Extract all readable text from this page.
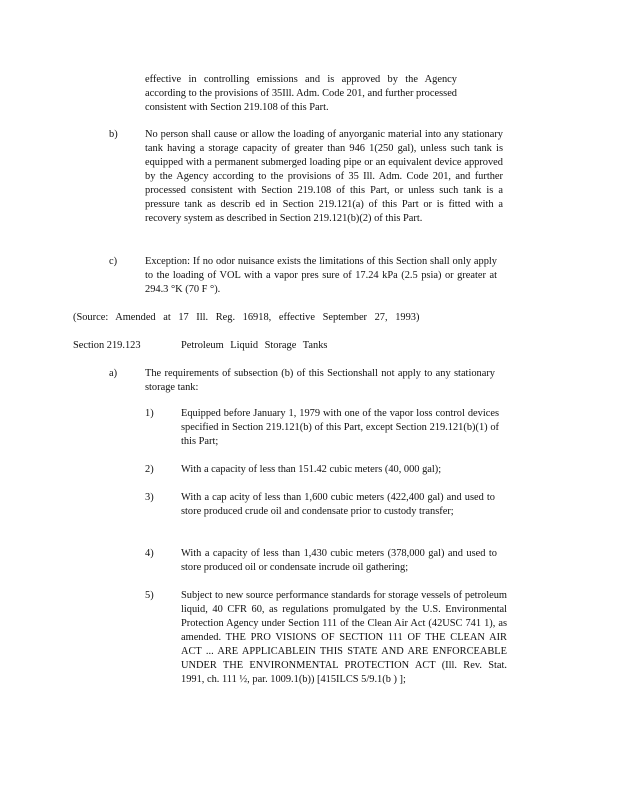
effective in controlling emissions and is approved by the Agency according to the provisions of 35Ill. Adm. Code 201, and further processed consistent with Section 219.108 of this Part.

b)	No person shall cause or allow the loading of anyorganic material into any stationary tank having a storage capacity of greater than 946 1(250 gal), unless such tank is equipped with a permanent submerged loading pipe or an equivalent device approved by the Agency according to the provisions of 35 Ill. Adm. Code 201, and further processed consistent with Section 219.108 of this Part, or unless such tank is a pressure tank as describ ed in Section 219.121(a) of this Part or is fitted with a recovery system as described in Section 219.121(b)(2) of this Part.

c)	Exception: If no odor nuisance exists the limitations of this Section shall only apply to the loading of VOL with a vapor pres sure of 17.24 kPa (2.5 psia) or greater at 294.3 °K (70 F °).

(Source: Amended at 17 Ill. Reg. 16918, effective September 27, 1993)

Section 219.123	Petroleum Liquid Storage Tanks
a)	The requirements of subsection (b) of this Sectionshall not apply to any stationary storage tank:

1)	Equipped before January 1, 1979 with one of the vapor loss control devices specified in Section 219.121(b) of this Part, except Section 219.121(b)(1) of this Part;

2)	With a capacity of less than 151.42 cubic meters (40, 000 gal);

3)	With a cap acity of less than 1,600 cubic meters (422,400 gal) and used to store produced crude oil and condensate prior to custody transfer;

4)	With a capacity of less than 1,430 cubic meters (378,000 gal) and used to store produced oil or condensate incrude oil gathering;

5)	Subject to new source performance standards for storage vessels of petroleum liquid, 40 CFR 60, as regulations promulgated by the U.S. Environmental Protection Agency under Section 111 of the Clean Air Act (42USC 741 1), as amended. THE PRO VISIONS OF SECTION 111 OF THE CLEAN AIR ACT ... ARE APPLICABLEIN THIS STATE AND ARE ENFORCEABLE UNDER THE ENVIRONMENTAL PROTECTION ACT (Ill. Rev. Stat. 1991, ch. 111 ½, par. 1009.1(b)) [415ILCS 5/9.1(b ) ];
